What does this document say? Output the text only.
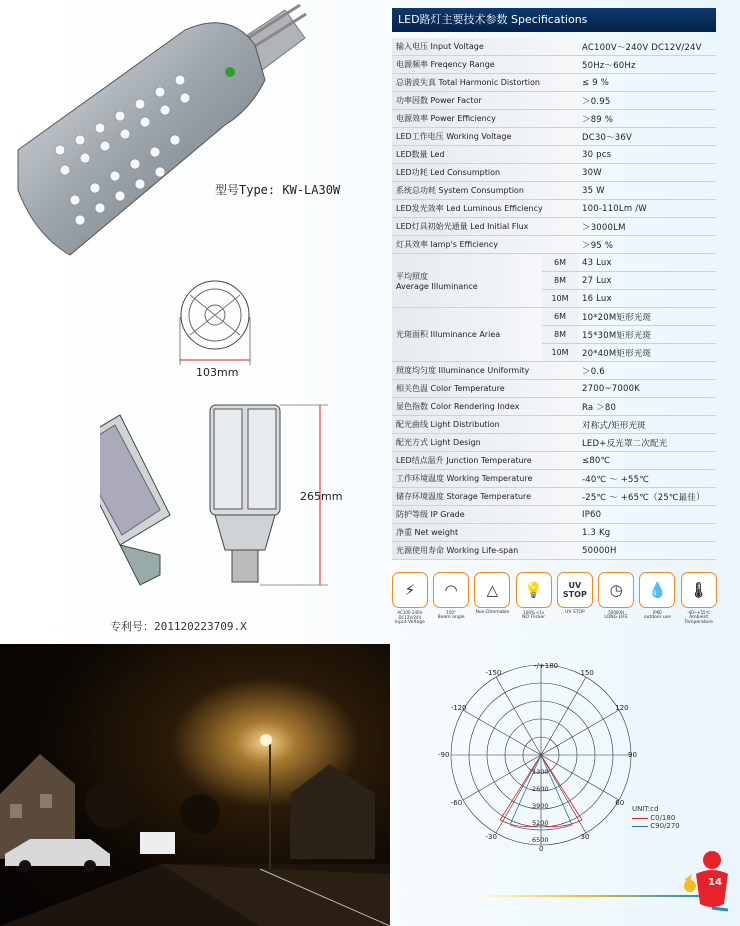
型号Type: KW-LA30W
103mm
265mm
专利号：201120223709.X
LED路灯主要技术参数 Specifications
输入电压 Input Voltage		AC100V～240V DC12V/24V
电源频率 Freqency Range		50Hz～60Hz
总谐波失真 Total Harmonic Distortion		≤ 9 %
功率因数 Power Factor		＞0.95
电源效率 Power Efficiency		＞89 %
LED工作电压 Working Voltage		DC30～36V
LED数量 Led		30 pcs
LED功耗 Led Consumption		30W
系统总功耗 System Consumption		35 W
LED发光效率 Led Luminous Efficiency		100-110Lm /W
LED灯具初始光通量 Led Initial Flux		＞3000LM
灯具效率 lamp's Efficiency		＞95 %
平均照度
Average Illuminance	6M	43 Lux
	8M	27 Lux
	10M	16 Lux
光斑面积 Illuminance Ariea	6M	10*20M矩形光斑
	8M	15*30M矩形光斑
	10M	20*40M矩形光斑
照度均匀度 Illuminance Uniformity		＞0.6
相关色温 Color Temperature		2700~7000K
显色指数 Color Rendering Index		Ra ＞80
配光曲线 Light Distribution		对称式/矩形光斑
配光方式 Light Design		LED+反光罩二次配光
LED结点温升 Junction Temperature		≤80℃
工作环境温度 Working Temperature		-40℃ ～ +55℃
储存环境温度 Storage Temperature		-25℃ ～ +65℃（25℃最佳）
防护等级 IP Grade		IP60
净重 Net weight		1.3 Kg
光源使用寿命 Working Life-span		50000H
⚡
AC100-240V DC12V/24V
Input Voltage
◠
150°
Beam angle
△
Non-Dimmable
💡
100% <1s
NO Flicker
UV STOP
UV STOP
◷
50000H
LONG LIFE
💧
IP60
outdoor use
🌡
-40~+55℃
Ambient Temperature
-/+180
UNIT:cd
C0/180
C90/270
14
-150
-120
-90
-60
-30
150
120
90
60
30
1300
2600
3900
5200
6500
0
